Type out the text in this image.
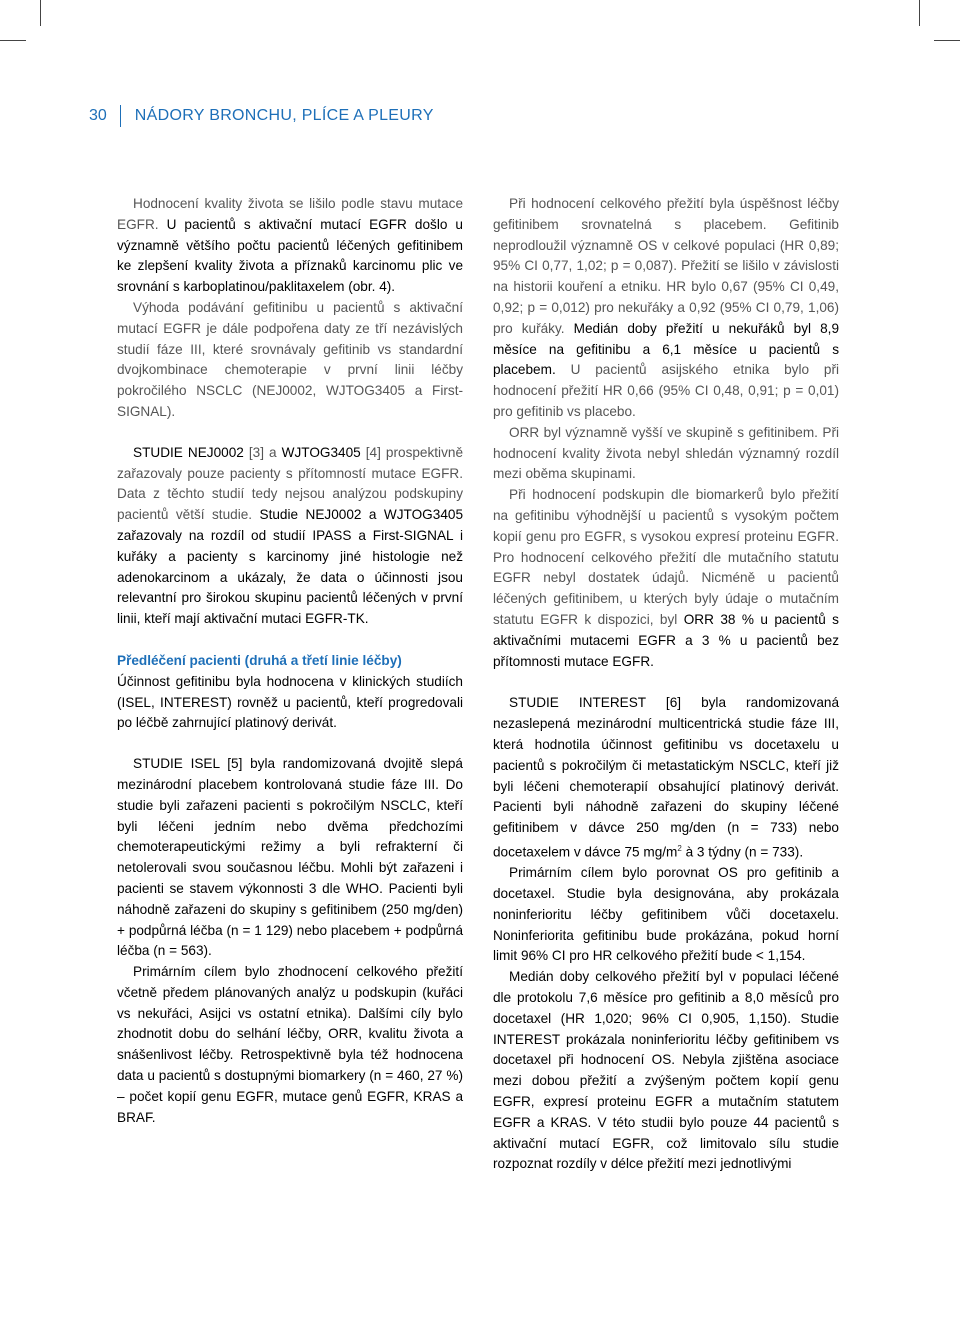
30 NÁDORY BRONCHU, PLÍCE A PLEURY

Hodnocení kvality života se lišilo podle stavu mutace EGFR. U pacientů s aktivační mutací EGFR došlo u významně většího počtu pacientů léčených gefitinibem ke zlepšení kvality života a příznaků karcinomu plic ve srovnání s karboplatinou/paklitaxelem (obr. 4).

Výhoda podávání gefitinibu u pacientů s aktivační mutací EGFR je dále podpořena daty ze tří nezávislých studií fáze III, které srovnávaly gefitinib vs standardní dvojkombinace chemoterapie v první linii léčby pokročilého NSCLC (NEJ0002, WJTOG3405 a First-SIGNAL).

STUDIE NEJ0002 [3] a WJTOG3405 [4] prospektivně zařazovaly pouze pacienty s přítomností mutace EGFR. Data z těchto studií tedy nejsou analýzou podskupiny pacientů větší studie. Studie NEJ0002 a WJTOG3405 zařazovaly na rozdíl od studií IPASS a First-SIGNAL i kuřáky a pacienty s karcinomy jiné histologie než adenokarcinom a ukázaly, že data o účinnosti jsou relevantní pro širokou skupinu pacientů léčených v první linii, kteří mají aktivační mutaci EGFR-TK.

Předléčení pacienti (druhá a třetí linie léčby)

Účinnost gefitinibu byla hodnocena v klinických studiích (ISEL, INTEREST) rovněž u pacientů, kteří progredovali po léčbě zahrnující platinový derivát.

STUDIE ISEL [5] byla randomizovaná dvojitě slepá mezinárodní placebem kontrolovaná studie fáze III. Do studie byli zařazeni pacienti s pokročilým NSCLC, kteří byli léčeni jedním nebo dvěma předchozími chemoterapeutickými režimy a byli refrakterní či netolerovali svou současnou léčbu. Mohli být zařazeni i pacienti se stavem výkonnosti 3 dle WHO. Pacienti byli náhodně zařazeni do skupiny s gefitinibem (250 mg/den) + podpůrná léčba (n = 1 129) nebo placebem + podpůrná léčba (n = 563).

Primárním cílem bylo zhodnocení celkového přežití včetně předem plánovaných analýz u podskupin (kuřáci vs nekuřáci, Asijci vs ostatní etnika). Dalšími cíly bylo zhodnotit dobu do selhání léčby, ORR, kvalitu života a snášenlivost léčby. Retrospektivně byla též hodnocena data u pacientů s dostupnými biomarkery (n = 460, 27 %) – počet kopií genu EGFR, mutace genů EGFR, KRAS a BRAF.

Při hodnocení celkového přežití byla úspěšnost léčby gefitinibem srovnatelná s placebem. Gefitinib neprodloužil významně OS v celkové populaci (HR 0,89; 95% CI 0,77, 1,02; p = 0,087). Přežití se lišilo v závislosti na historii kouření a etniku. HR bylo 0,67 (95% CI 0,49, 0,92; p = 0,012) pro nekuřáky a 0,92 (95% CI 0,79, 1,06) pro kuřáky. Medián doby přežití u nekuřáků byl 8,9 měsíce na gefitinibu a 6,1 měsíce u pacientů s placebem. U pacientů asijského etnika bylo při hodnocení přežití HR 0,66 (95% CI 0,48, 0,91; p = 0,01) pro gefitinib vs placebo.

ORR byl významně vyšší ve skupině s gefitinibem. Při hodnocení kvality života nebyl shledán významný rozdíl mezi oběma skupinami.

Při hodnocení podskupin dle biomarkerů bylo přežití na gefitinibu výhodnější u pacientů s vysokým počtem kopií genu pro EGFR, s vysokou expresí proteinu EGFR. Pro hodnocení celkového přežití dle mutačního statutu EGFR nebyl dostatek údajů. Nicméně u pacientů léčených gefitinibem, u kterých byly údaje o mutačním statutu EGFR k dispozici, byl ORR 38 % u pacientů s aktivačními mutacemi EGFR a 3 % u pacientů bez přítomnosti mutace EGFR.

STUDIE INTEREST [6] byla randomizovaná nezaslepená mezinárodní multicentrická studie fáze III, která hodnotila účinnost gefitinibu vs docetaxelu u pacientů s pokročilým či metastatickým NSCLC, kteří již byli léčeni chemoterapií obsahující platinový derivát. Pacienti byli náhodně zařazeni do skupiny léčené gefitinibem v dávce 250 mg/den (n = 733) nebo docetaxelem v dávce 75 $mg/m^2$ à 3 týdny (n = 733).

Primárním cílem bylo porovnat OS pro gefitinib a docetaxel. Studie byla designována, aby prokázala noninferioritu léčby gefitinibem vůči docetaxelu. Noninferiorita gefitinibu bude prokázána, pokud horní limit 96% CI pro HR celkového přežití bude < 1,154.

Medián doby celkového přežití byl v populaci léčené dle protokolu 7,6 měsíce pro gefitinib a 8,0 měsíců pro docetaxel (HR 1,020; 96% CI 0,905, 1,150). Studie INTEREST prokázala noninferioritu léčby gefitinibem vs docetaxel při hodnocení OS. Nebyla zjištěna asociace mezi dobou přežití a zvýšeným počtem kopií genu EGFR, expresí proteinu EGFR a mutačním statutem EGFR a KRAS. V této studii bylo pouze 44 pacientů s aktivační mutací EGFR, což limitovalo sílu studie rozpoznat rozdíly v délce přežití mezi jednotlivými
